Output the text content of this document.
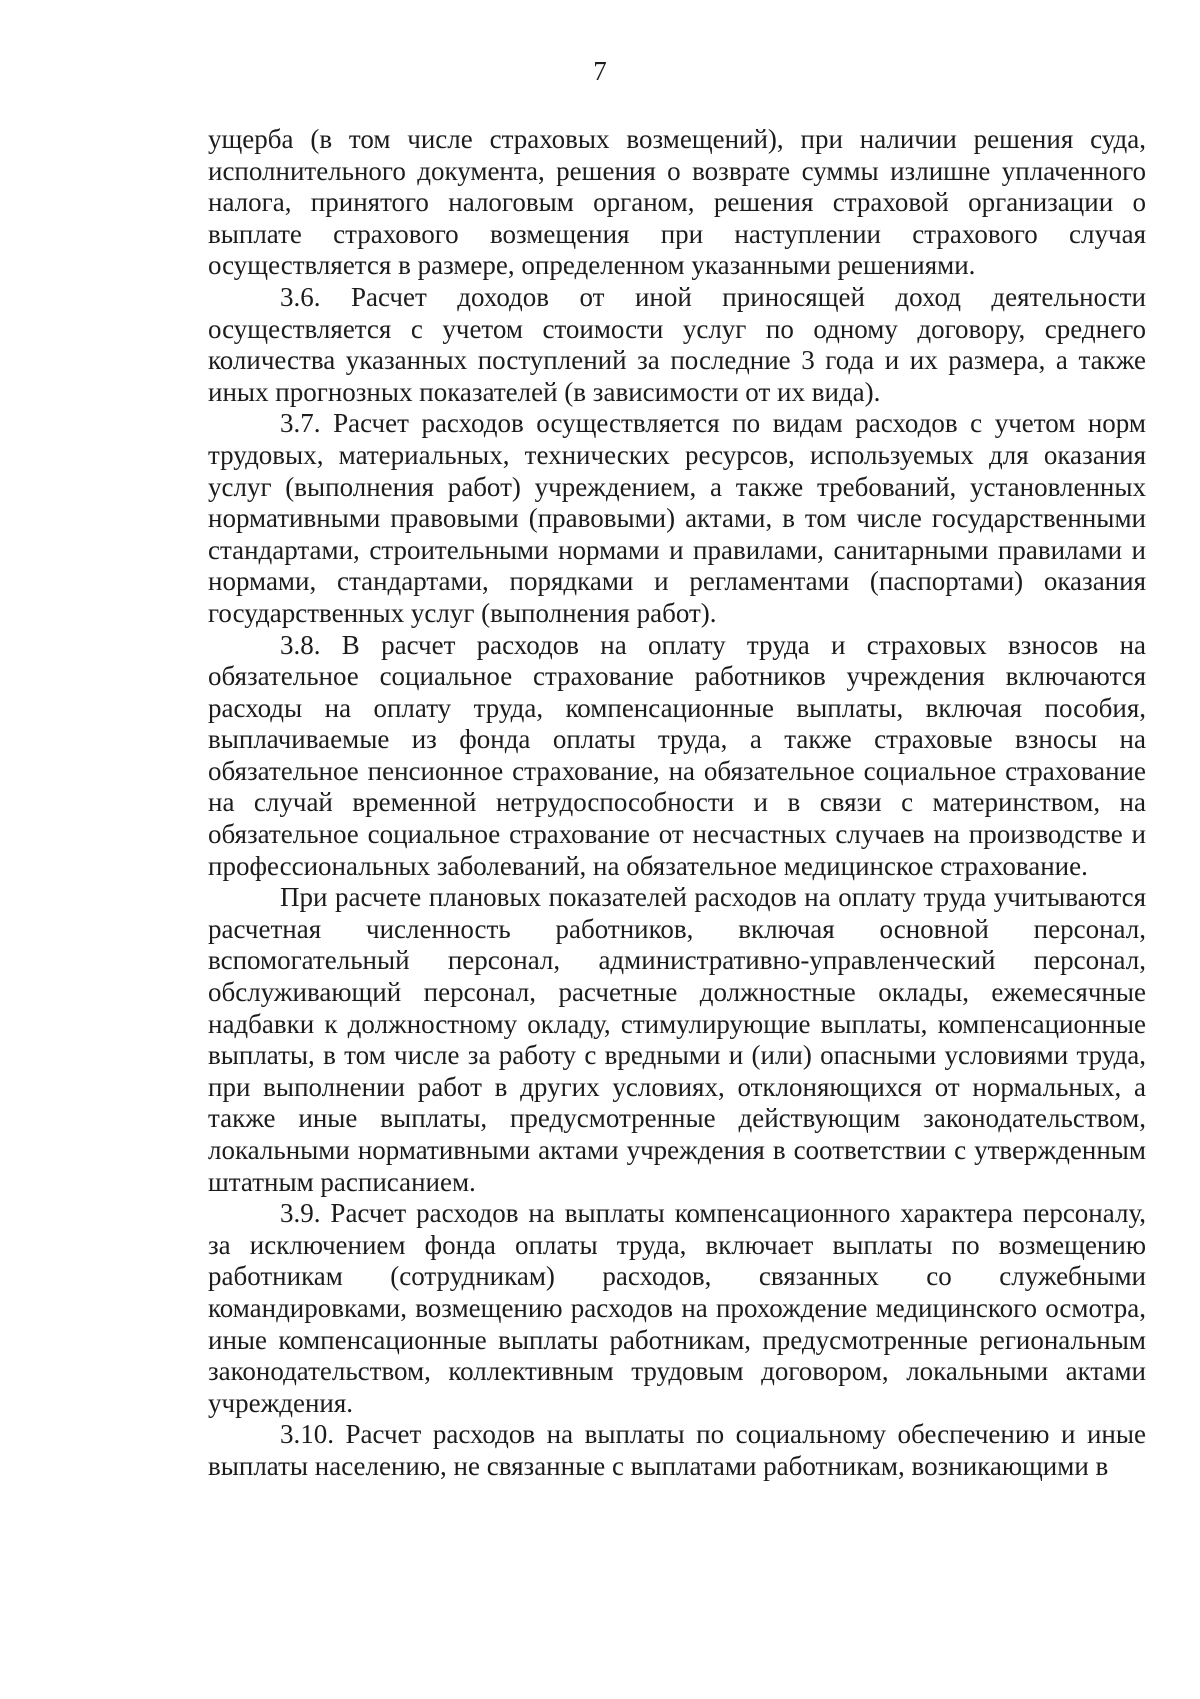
7

ущерба (в том числе страховых возмещений), при наличии решения суда, исполнительного документа, решения о возврате суммы излишне уплаченного налога, принятого налоговым органом, решения страховой организации о выплате страхового возмещения при наступлении страхового случая осуществляется в размере, определенном указанными решениями.

3.6. Расчет доходов от иной приносящей доход деятельности осуществляется с учетом стоимости услуг по одному договору, среднего количества указанных поступлений за последние 3 года и их размера, а также иных прогнозных показателей (в зависимости от их вида).

3.7. Расчет расходов осуществляется по видам расходов с учетом норм трудовых, материальных, технических ресурсов, используемых для оказания услуг (выполнения работ) учреждением, а также требований, установленных нормативными правовыми (правовыми) актами, в том числе государственными стандартами, строительными нормами и правилами, санитарными правилами и нормами, стандартами, порядками и регламентами (паспортами) оказания государственных услуг (выполнения работ).

3.8. В расчет расходов на оплату труда и страховых взносов на обязательное социальное страхование работников учреждения включаются расходы на оплату труда, компенсационные выплаты, включая пособия, выплачиваемые из фонда оплаты труда, а также страховые взносы на обязательное пенсионное страхование, на обязательное социальное страхование на случай временной нетрудоспособности и в связи с материнством, на обязательное социальное страхование от несчастных случаев на производстве и профессиональных заболеваний, на обязательное медицинское страхование.

При расчете плановых показателей расходов на оплату труда учитываются расчетная численность работников, включая основной персонал, вспомогательный персонал, административно-управленческий персонал, обслуживающий персонал, расчетные должностные оклады, ежемесячные надбавки к должностному окладу, стимулирующие выплаты, компенсационные выплаты, в том числе за работу с вредными и (или) опасными условиями труда, при выполнении работ в других условиях, отклоняющихся от нормальных, а также иные выплаты, предусмотренные действующим законодательством, локальными нормативными актами учреждения в соответствии с утвержденным штатным расписанием.

3.9. Расчет расходов на выплаты компенсационного характера персоналу, за исключением фонда оплаты труда, включает выплаты по возмещению работникам (сотрудникам) расходов, связанных со служебными командировками, возмещению расходов на прохождение медицинского осмотра, иные компенсационные выплаты работникам, предусмотренные региональным законодательством, коллективным трудовым договором, локальными актами учреждения.

3.10. Расчет расходов на выплаты по социальному обеспечению и иные выплаты населению, не связанные с выплатами работникам, возникающими в
